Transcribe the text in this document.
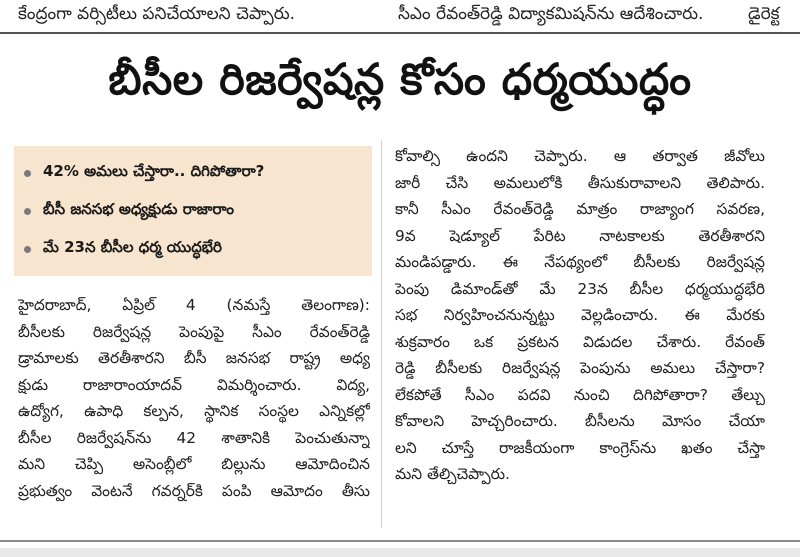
కేంద్రంగా వర్సిటీలు పనిచేయాలని చెప్పారు.	సీఎం రేవంత్‌రెడ్డి విద్యాకమిషన్‌ను ఆదేశించారు.	డైరెక్ట
బీసీల రిజర్వేషన్ల కోసం ధర్మయుద్ధం
42% అమలు చేస్తారా.. దిగిపోతారా?
బీసీ జనసభ అధ్యక్షుడు రాజారాం
మే 23న బీసీల ధర్మ యుద్ధభేరి

హైదరాబాద్, ఏప్రిల్ 4 (నమస్తే తెలంగాణ):

బీసీలకు రిజర్వేషన్ల పెంపుపై సీఎం రేవంత్‌రెడ్డి

డ్రామాలకు తెరతీశారని బీసీ జనసభ రాష్ట్ర అధ్య

క్షుడు రాజారాంయాదవ్ విమర్శించారు. విద్య,

ఉద్యోగ, ఉపాధి కల్పన, స్థానిక సంస్థల ఎన్నికల్లో

బీసీల రిజర్వేషన్‌ను 42 శాతానికి పెంచుతున్నా

మని చెప్పి అసెంబ్లీలో బిల్లును ఆమోదించిన

ప్రభుత్వం వెంటనే గవర్నర్‌కి పంపి ఆమోదం తీసు

కోవాల్సి ఉందని చెప్పారు. ఆ తర్వాత జీవోలు

జారీ చేసి అమలులోకి తీసుకురావాలని తెలిపారు.

కానీ సీఎం రేవంత్‌రెడ్డి మాత్రం రాజ్యాంగ సవరణ,

9వ షెడ్యూల్ పేరిట నాటకాలకు తెరతీశారని

మండిపడ్డారు. ఈ నేపథ్యంలో బీసీలకు రిజర్వేషన్ల

పెంపు డిమాండ్‌తో మే 23న బీసీల ధర్మయుద్ధభేరి

సభ నిర్వహించనున్నట్టు వెల్లడించారు. ఈ మేరకు

శుక్రవారం ఒక ప్రకటన విడుదల చేశారు. రేవంత్

రెడ్డి బీసీలకు రిజర్వేషన్ల పెంపును అమలు చేస్తారా?

లేకపోతే సీఎం పదవి నుంచి దిగిపోతారా? తేల్చు

కోవాలని హెచ్చరించారు. బీసీలను మోసం చేయా

లని చూస్తే రాజకీయంగా కాంగ్రెస్‌ను ఖతం చేస్తా

మని తేల్చిచెప్పారు.
